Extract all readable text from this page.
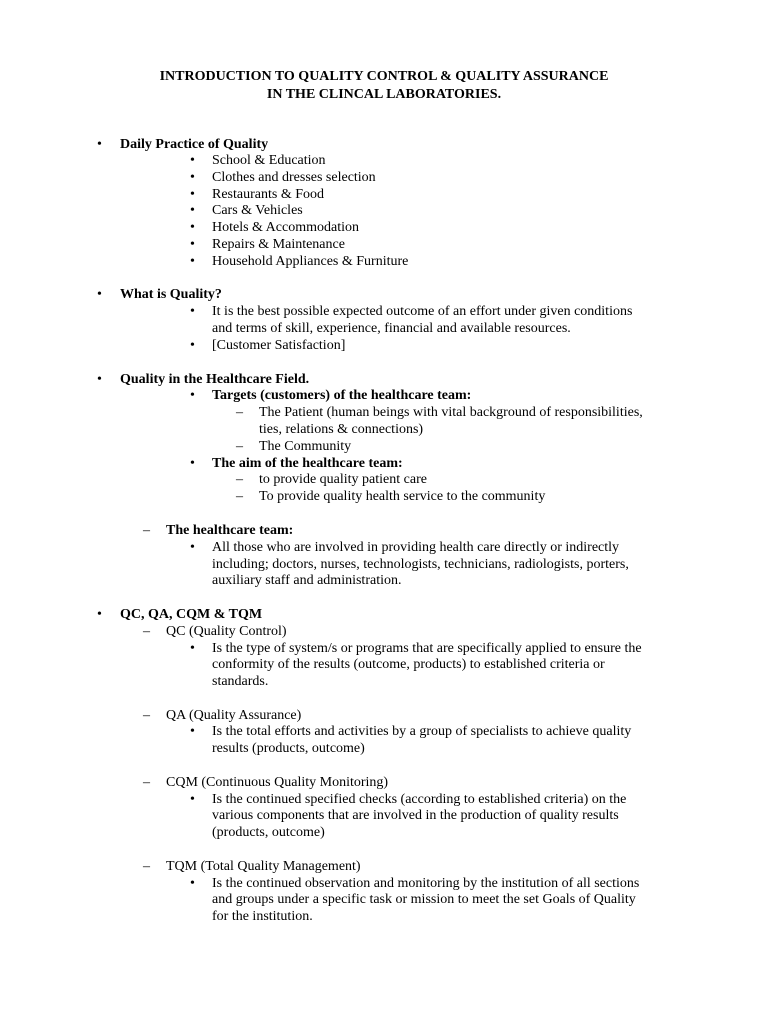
INTRODUCTION TO QUALITY CONTROL & QUALITY ASSURANCE
IN THE CLINCAL LABORATORIES.
• Daily Practice of Quality
• School & Education
• Clothes and dresses selection
• Restaurants & Food
• Cars & Vehicles
• Hotels & Accommodation
• Repairs & Maintenance
• Household Appliances & Furniture
• What is Quality?
• It is the best possible expected outcome of an effort under given conditions
and terms of skill, experience, financial and available resources.
• [Customer Satisfaction]
• Quality in the Healthcare Field.
• Targets (customers) of the healthcare team:
– The Patient (human beings with vital background of responsibilities,
ties, relations & connections)
– The Community
• The aim of the healthcare team:
– to provide quality patient care
– To provide quality health service to the community
– The healthcare team:
• All those who are involved in providing health care directly or indirectly
including; doctors, nurses, technologists, technicians, radiologists, porters,
auxiliary staff and administration.
• QC, QA, CQM & TQM
– QC (Quality Control)
• Is the type of system/s or programs that are specifically applied to ensure the
conformity of the results (outcome, products) to established criteria or
standards.
– QA (Quality Assurance)
• Is the total efforts and activities by a group of specialists to achieve quality
results (products, outcome)
– CQM (Continuous Quality Monitoring)
• Is the continued specified checks (according to established criteria) on the
various components that are involved in the production of quality results
(products, outcome)
– TQM (Total Quality Management)
• Is the continued observation and monitoring by the institution of all sections
and groups under a specific task or mission to meet the set Goals of Quality
for the institution.
